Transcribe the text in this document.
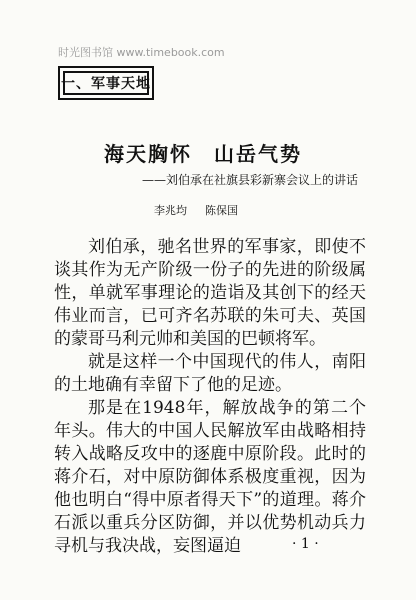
时光图书馆 www.timebook.com
一、军事天地
海天胸怀　山岳气势
——刘伯承在社旗县彩新寨会议上的讲话
李兆均 陈保国

刘伯承，驰名世界的军事家，即使不谈其作为无产阶级一份子的先进的阶级属性，单就军事理论的造诣及其创下的经天伟业而言，已可齐名苏联的朱可夫、英国的蒙哥马利元帅和美国的巴顿将军。

就是这样一个中国现代的伟人，南阳的土地确有幸留下了他的足迹。

那是在1948年，解放战争的第二个年头。伟大的中国人民解放军由战略相持转入战略反攻中的逐鹿中原阶段。此时的蒋介石，对中原防御体系极度重视，因为他也明白“得中原者得天下”的道理。蒋介石派以重兵分区防御，并以优势机动兵力寻机与我决战，妄图逼迫	· 1 ·
